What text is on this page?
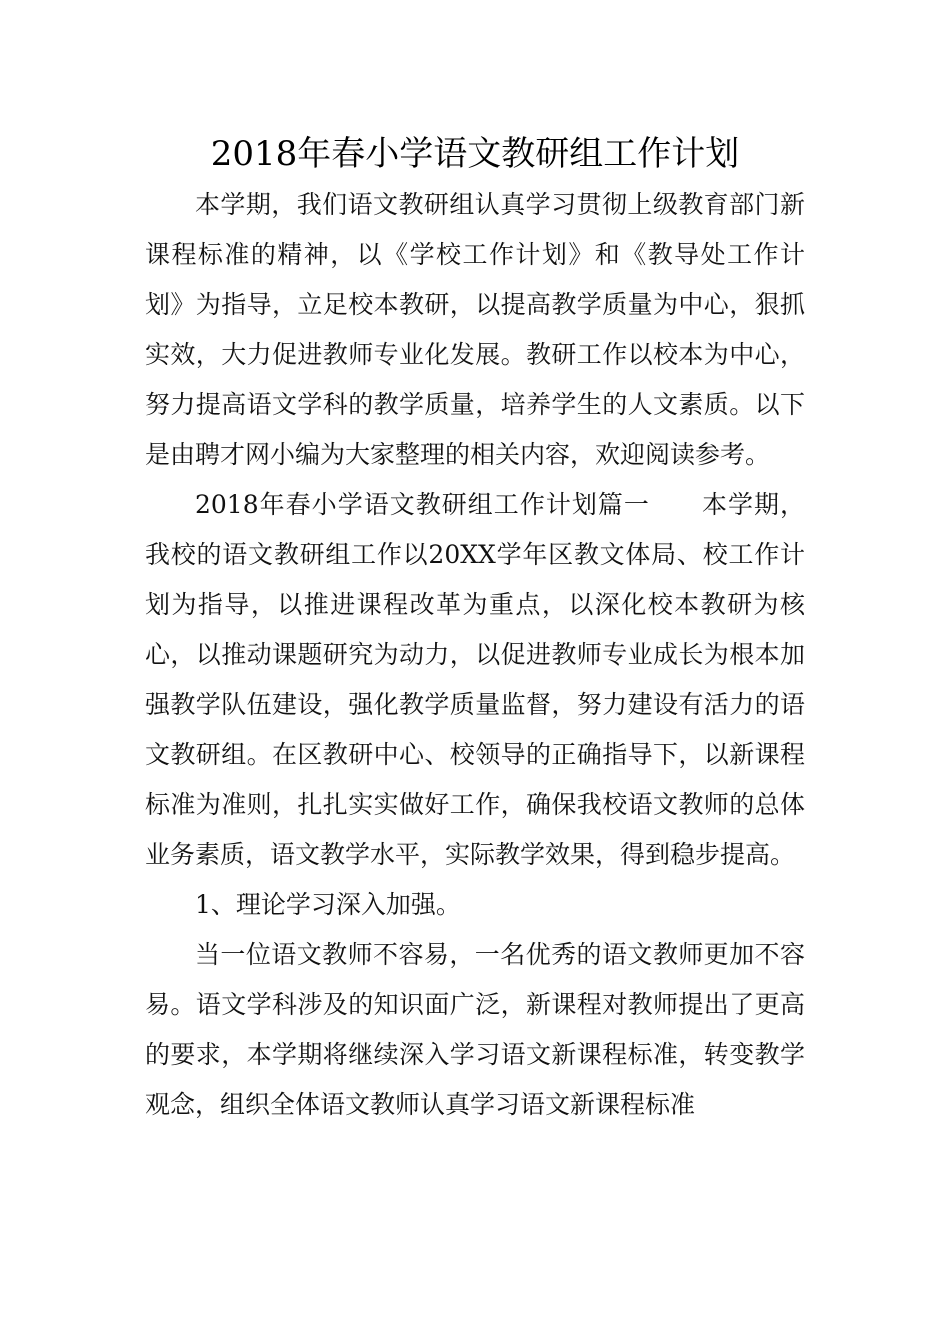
2018年春小学语文教研组工作计划

本学期，我们语文教研组认真学习贯彻上级教育部门新课程标准的精神，以《学校工作计划》和《教导处工作计划》为指导，立足校本教研，以提高教学质量为中心，狠抓实效，大力促进教师专业化发展。教研工作以校本为中心，努力提高语文学科的教学质量，培养学生的人文素质。以下是由聘才网小编为大家整理的相关内容，欢迎阅读参考。

2018年春小学语文教研组工作计划篇一　　本学期，我校的语文教研组工作以20XX学年区教文体局、校工作计划为指导，以推进课程改革为重点，以深化校本教研为核心，以推动课题研究为动力，以促进教师专业成长为根本加强教学队伍建设，强化教学质量监督，努力建设有活力的语文教研组。在区教研中心、校领导的正确指导下，以新课程标准为准则，扎扎实实做好工作，确保我校语文教师的总体业务素质，语文教学水平，实际教学效果，得到稳步提高。

1、理论学习深入加强。

当一位语文教师不容易，一名优秀的语文教师更加不容易。语文学科涉及的知识面广泛，新课程对教师提出了更高的要求，本学期将继续深入学习语文新课程标准，转变教学观念，组织全体语文教师认真学习语文新课程标准
